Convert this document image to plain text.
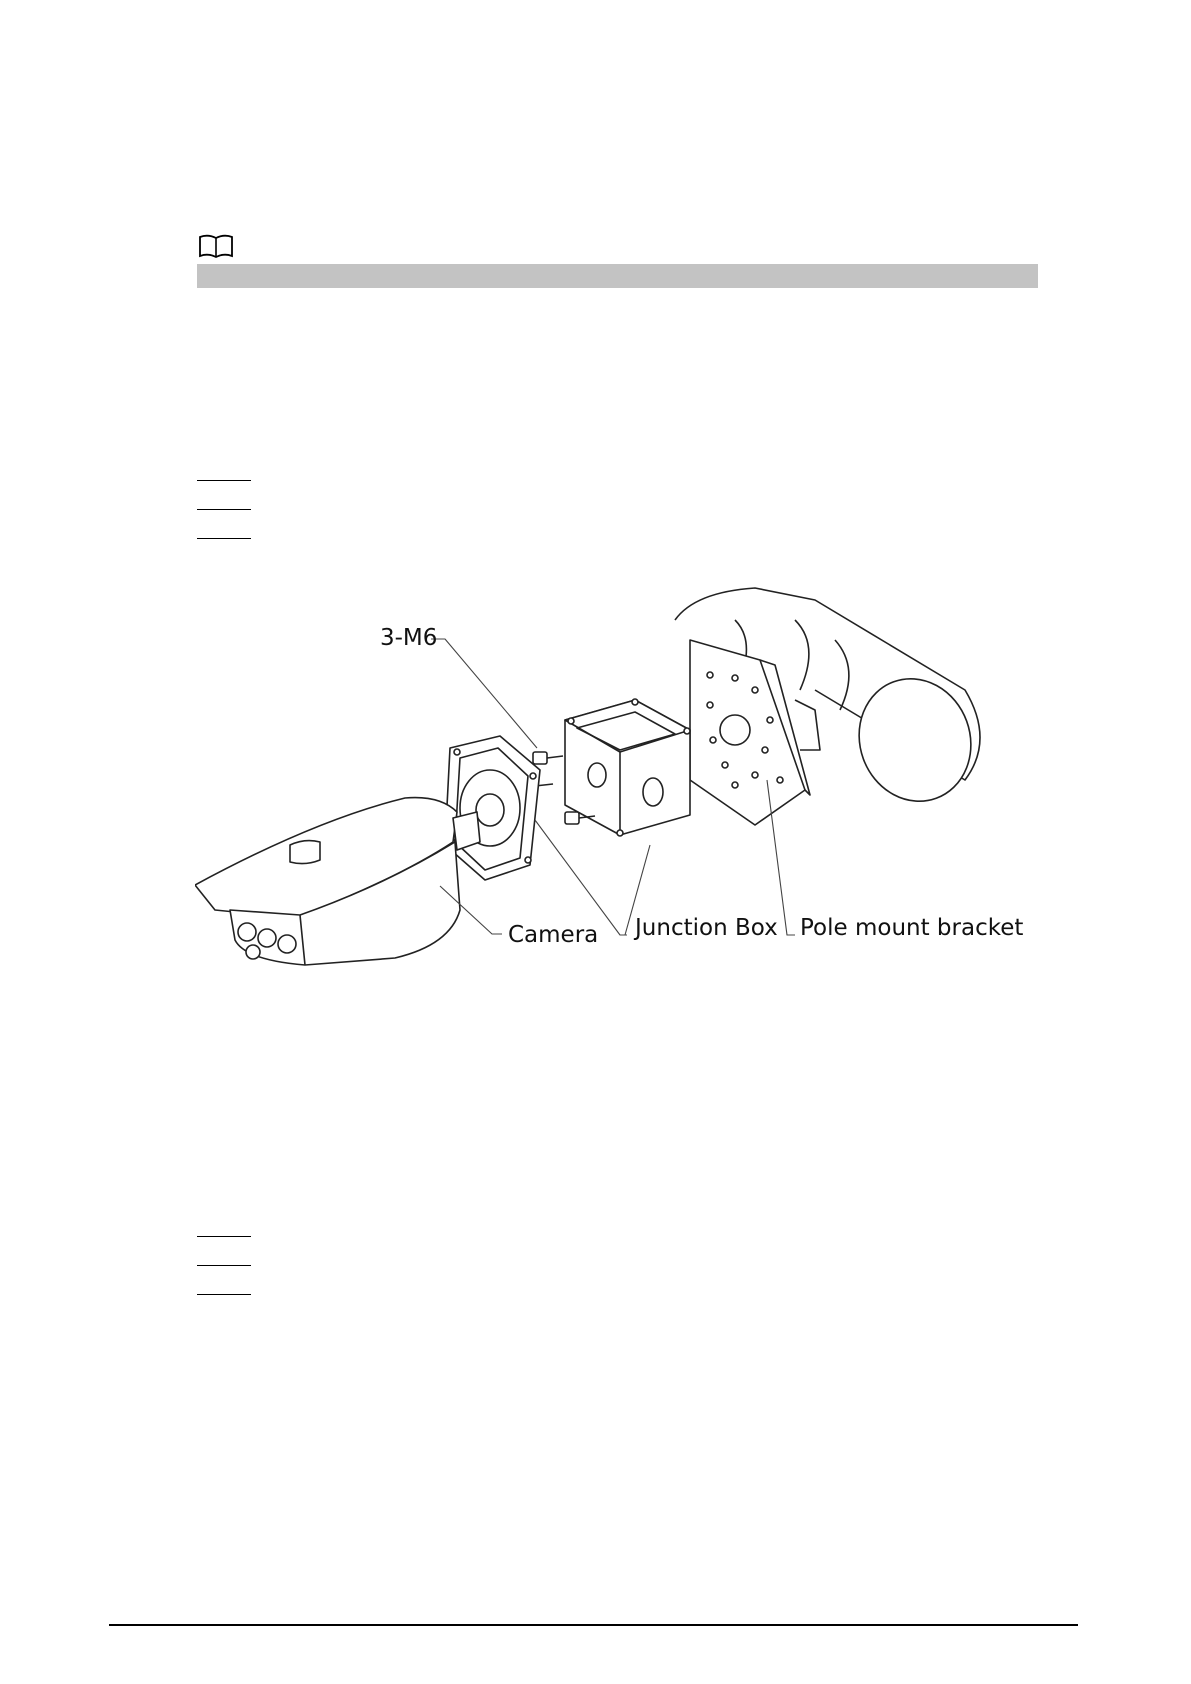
3-M6
Camera Junction Box Pole mount bracket
